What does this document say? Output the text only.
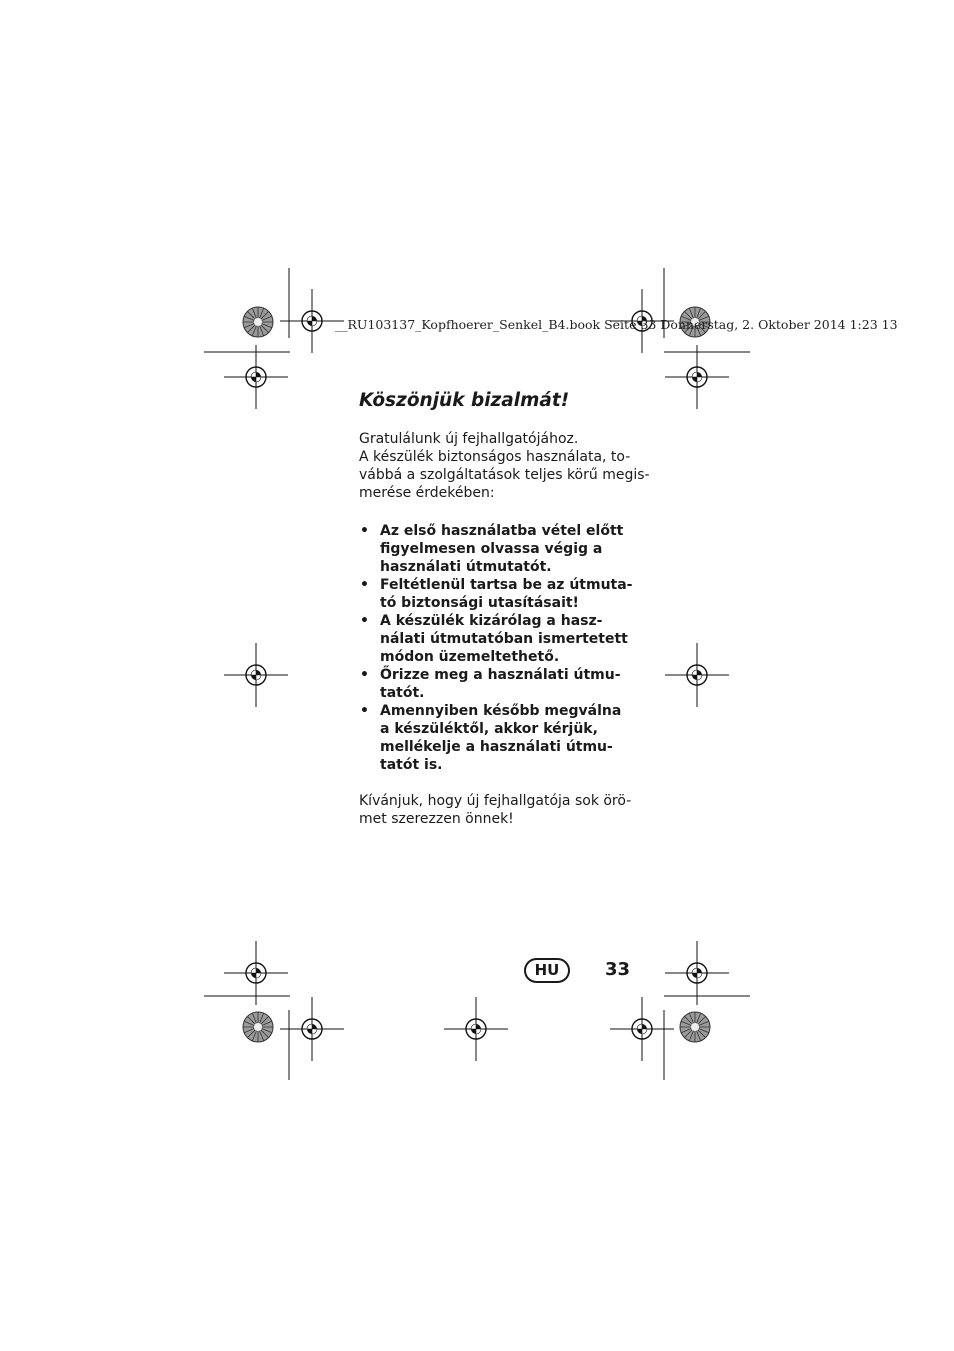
__RU103137_Kopfhoerer_Senkel_B4.book Seite 33 Donnerstag, 2. Oktober 2014 1:23 13
Köszönjük bizalmát!

Gratulálunk új fejhallgatójához.
A készülék biztonságos használata, to-
vábbá a szolgáltatások teljes körű megis-
merése érdekében:

• Az első használatba vétel előtt
figyelmesen olvassa végig a
használati útmutatót.
• Feltétlenül tartsa be az útmuta-
tó biztonsági utasításait!
• A készülék kizárólag a hasz-
nálati útmutatóban ismertetett
módon üzemeltethető.
• Őrizze meg a használati útmu-
tatót.
• Amennyiben később megválna
a készüléktől, akkor kérjük,
mellékelje a használati útmu-
tatót is.

Kívánjuk, hogy új fejhallgatója sok örö-
met szerezzen önnek!

HU	33
